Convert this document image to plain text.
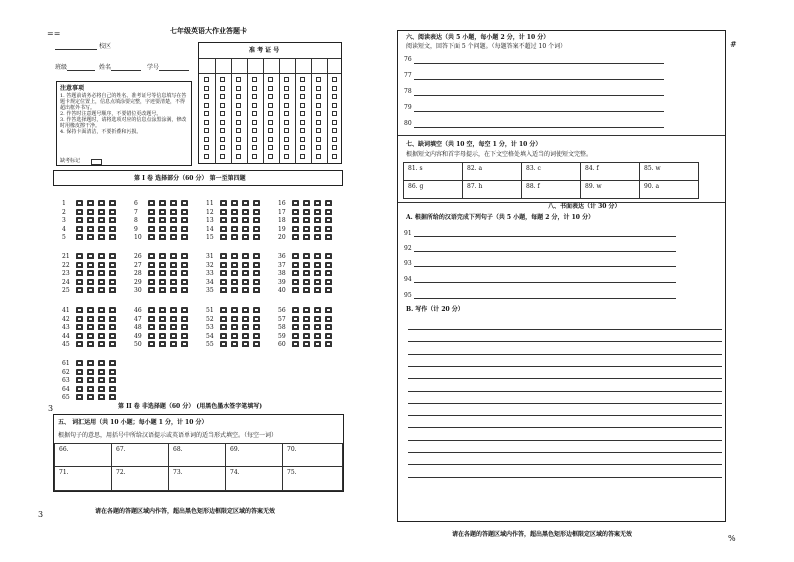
==
3
3
#
%
七年级英语大作业答题卡
校区
班级	姓名	学号
准 考 证 号
注意事项
1. 答题前请务必将自己的姓名、准考证号等信息填写在答题卡规定位置上，信息点填涂要完整，字迹要清楚，不得超出框外书写。
2. 作答时注意题号顺序，不要错位更改题号。
3. 作答选择题时，请将选项对应的信息点涂黑涂满，修改时用橡皮擦干净。
4. 保持卡面清洁，不要折叠和污损。
缺考标记
第 I 卷 选择部分（60 分） 第一至第四题
1
2
3
4
5
6
7
8
9
10
11
12
13
14
15
16
17
18
19
20
21
22
23
24
25
26
27
28
29
30
31
32
33
34
35
36
37
38
39
40
41
42
43
44
45
46
47
48
49
50
51
52
53
54
55
56
57
58
59
60
61
62
63
64
65
第 II 卷 非选择题（60 分） (用黑色墨水签字笔填写)
五、 词汇运用（共 10 小题；每小题 1 分，计 10 分）
根据句子的意思，用括号中所给汉语提示或英语单词的适当形式填空。（每空一词）
66.	67.	68.	69.	70.
71.	72.	73.	74.	75.
请在各题的答题区域内作答，超出黑色矩形边框限定区域的答案无效
六、阅读表达（共 5 小题，每小题 2 分，计 10 分）
阅读短文，回答下面 5 个问题。（每题答案不超过 10 个词）
76
77
78
79
80
七、缺词填空（共 10 空，每空 1 分，计 10 分）
根据短文内容和首字母提示，在下文空格处填入适当的词使短文完整。
81. s	82. a	83. c	84. f	85. w
86. g	87. h	88. f	89. w	90. a
八、书面表达（计 30 分）
A. 根据所给的汉语完成下列句子（共 5 小题，每题 2 分，计 10 分）
91
92
93
94
95
B. 写作（计 20 分）
请在各题的答题区域内作答，超出黑色矩形边框限定区域的答案无效
